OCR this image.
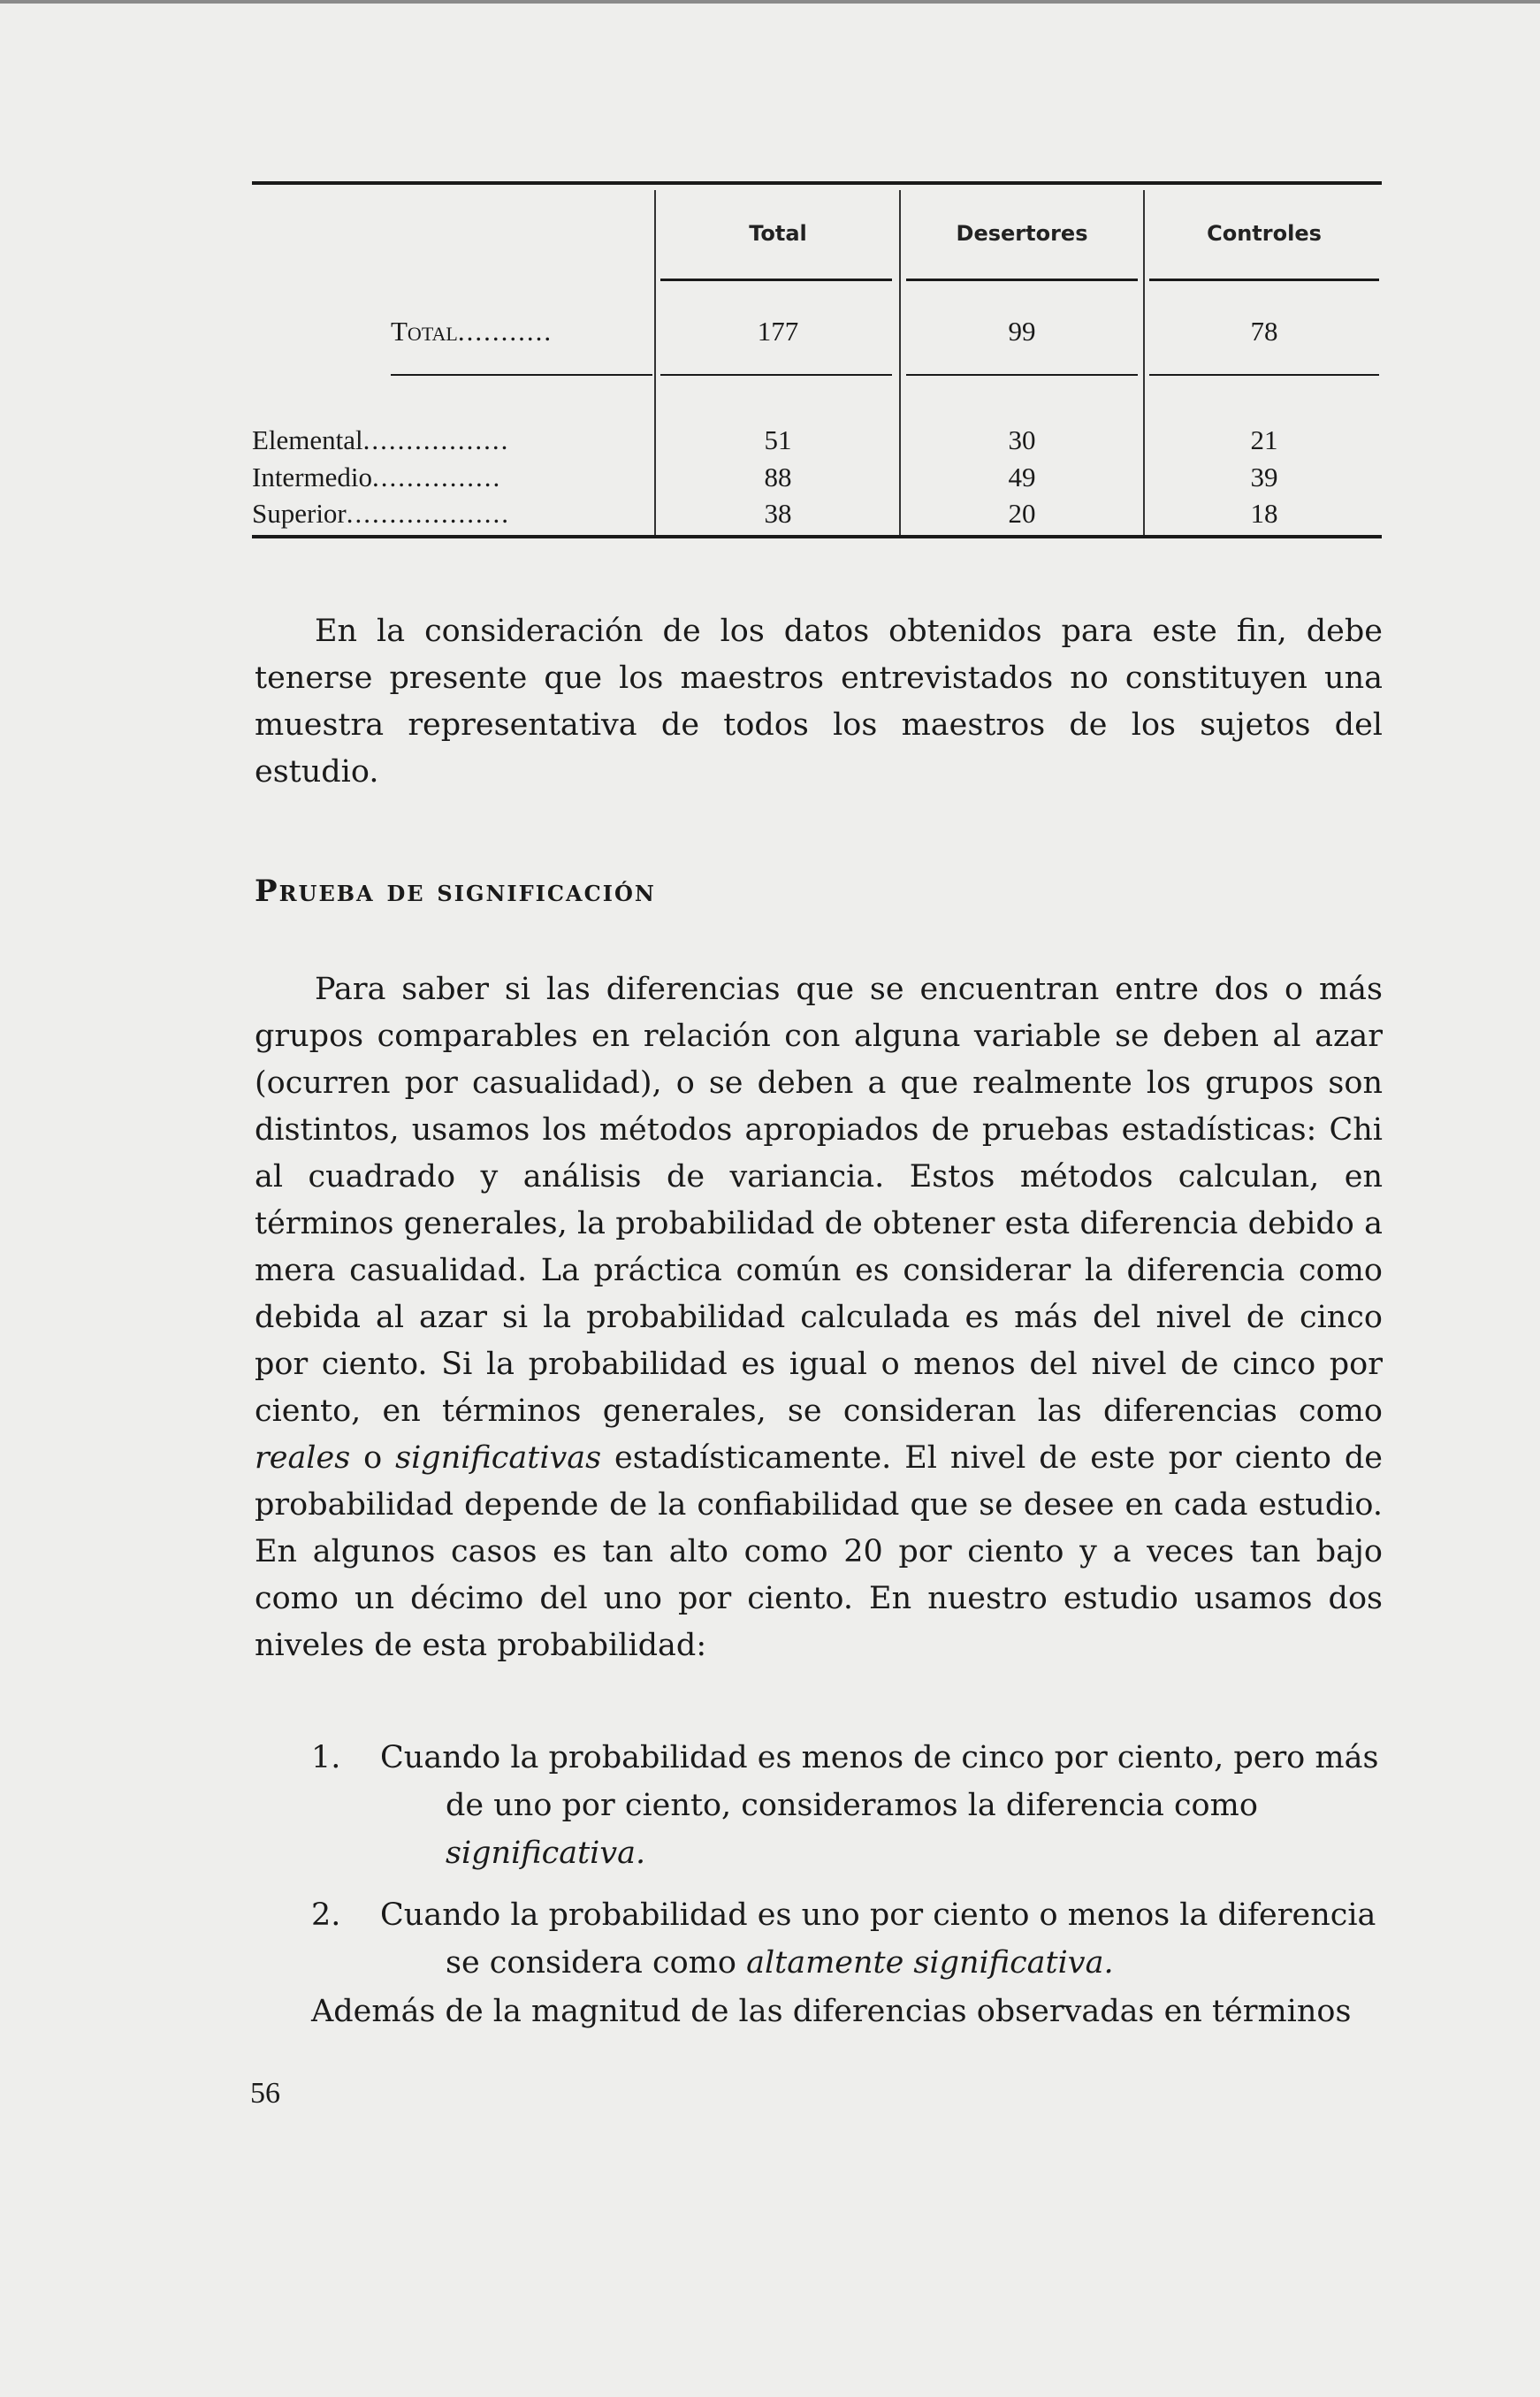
Total	Desertores	Controles
Total...........	177	99	78
Elemental.................	51	30	21
Intermedio...............	88	49	39
Superior...................	38	20	18
En la consideración de los datos obtenidos para este fin, debe tenerse presente que los maestros entrevistados no constituyen una muestra representativa de todos los maestros de los sujetos del estudio.
Prueba de significación
Para saber si las diferencias que se encuentran entre dos o más grupos comparables en relación con alguna variable se deben al azar (ocurren por casualidad), o se deben a que realmente los grupos son distintos, usamos los métodos apropiados de pruebas estadísticas: Chi al cuadrado y análisis de variancia. Estos métodos calculan, en términos generales, la probabilidad de obtener esta diferencia debido a mera casualidad. La práctica común es considerar la diferencia como debida al azar si la probabilidad calculada es más del nivel de cinco por ciento. Si la probabilidad es igual o menos del nivel de cinco por ciento, en términos generales, se consideran las diferencias como reales o significativas estadísticamente. El nivel de este por ciento de probabilidad depende de la confiabilidad que se desee en cada estudio. En algunos casos es tan alto como 20 por ciento y a veces tan bajo como un décimo del uno por ciento. En nuestro estudio usamos dos niveles de esta probabilidad:
1. Cuando la probabilidad es menos de cinco por ciento, pero más de uno por ciento, consideramos la diferencia como significativa.
2. Cuando la probabilidad es uno por ciento o menos la diferencia se considera como altamente significativa.
Además de la magnitud de las diferencias observadas en términos
56
